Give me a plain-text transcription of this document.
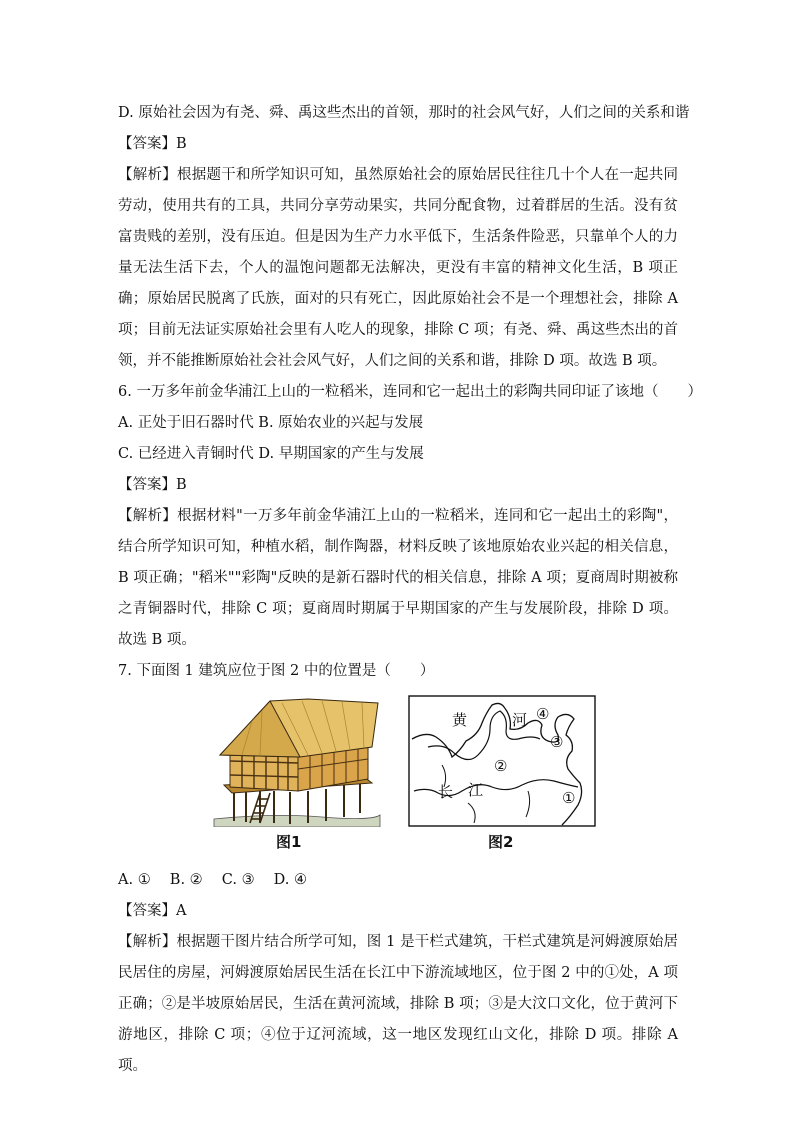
D. 原始社会因为有尧、舜、禹这些杰出的首领，那时的社会风气好，人们之间的关系和谐
【答案】B

【解析】根据题干和所学知识可知，虽然原始社会的原始居民往往几十个人在一起共同劳动，使用共有的工具，共同分享劳动果实，共同分配食物，过着群居的生活。没有贫富贵贱的差别，没有压迫。但是因为生产力水平低下，生活条件险恶，只靠单个人的力量无法生活下去，个人的温饱问题都无法解决，更没有丰富的精神文化生活，B 项正确；原始居民脱离了氏族，面对的只有死亡，因此原始社会不是一个理想社会，排除 A 项；目前无法证实原始社会里有人吃人的现象，排除 C 项；有尧、舜、禹这些杰出的首领，并不能推断原始社会社会风气好，人们之间的关系和谐，排除 D 项。故选 B 项。

6. 一万多年前金华浦江上山的一粒稻米，连同和它一起出土的彩陶共同印证了该地（　　）
A. 正处于旧石器时代 B. 原始农业的兴起与发展
C. 已经进入青铜时代 D. 早期国家的产生与发展
【答案】B

【解析】根据材料"一万多年前金华浦江上山的一粒稻米，连同和它一起出土的彩陶"，结合所学知识可知，种植水稻，制作陶器，材料反映了该地原始农业兴起的相关信息，B 项正确；"稻米""彩陶"反映的是新石器时代的相关信息，排除 A 项；夏商周时期被称之青铜器时代，排除 C 项；夏商周时期属于早期国家的产生与发展阶段，排除 D 项。故选 B 项。

7. 下面图 1 建筑应位于图 2 中的位置是（　　）
黄	河 ④
③
②
长 江	①
图1	图2
A. ①　 B. ②　 C. ③　 D. ④
【答案】A

【解析】根据题干图片结合所学可知，图 1 是干栏式建筑，干栏式建筑是河姆渡原始居民居住的房屋，河姆渡原始居民生活在长江中下游流域地区，位于图 2 中的①处，A 项正确；②是半坡原始居民，生活在黄河流域，排除 B 项；③是大汶口文化，位于黄河下游地区，排除 C 项；④位于辽河流域，这一地区发现红山文化，排除 D 项。排除 A 项。
